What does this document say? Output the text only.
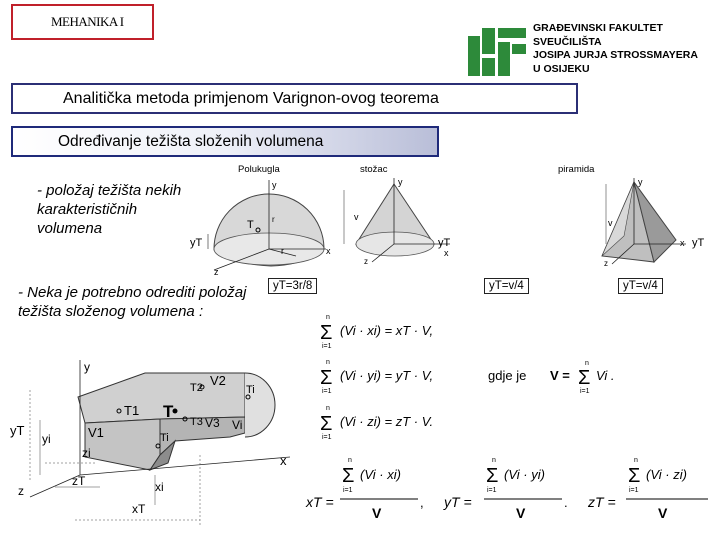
MEHANIKA I	GRAĐEVINSKI FAKULTET
SVEUČILIŠTA
JOSIPA JURJA STROSSMAYERA
U OSIJEKU
Analitička metoda primjenom Varignon-ovog teorema
Određivanje težišta složenih volumena
- položaj težišta nekih karakterističnih volumena
- Neka je potrebno odrediti položaj težišta složenog volumena :
Polukugla
T r
r
y
x
z
yT
yT=3r/8
stožac
v
y
x
z
yT
yT=v/4
piramida
v
y
x
z
yT
yT=v/4
y
x
z
yT
yi
zi
zT	xi
xT
T
T1
T2
T3
Ti
V1
V2
V3 Vi
Ti
n
Σ
i=1
(Vi · xi) = xT · V,
n
Σ
i=1
(Vi · yi) = yT · V,
n
Σ
i=1
(Vi · zi) = zT · V.
gdje je V =
n
Σ
i=1
Vi .
xT =
n
Σ
i=1
(Vi · xi)
V
, yT =
n
Σ
i=1
(Vi · yi)
V
. zT =
n
Σ
i=1
(Vi · zi)
V
